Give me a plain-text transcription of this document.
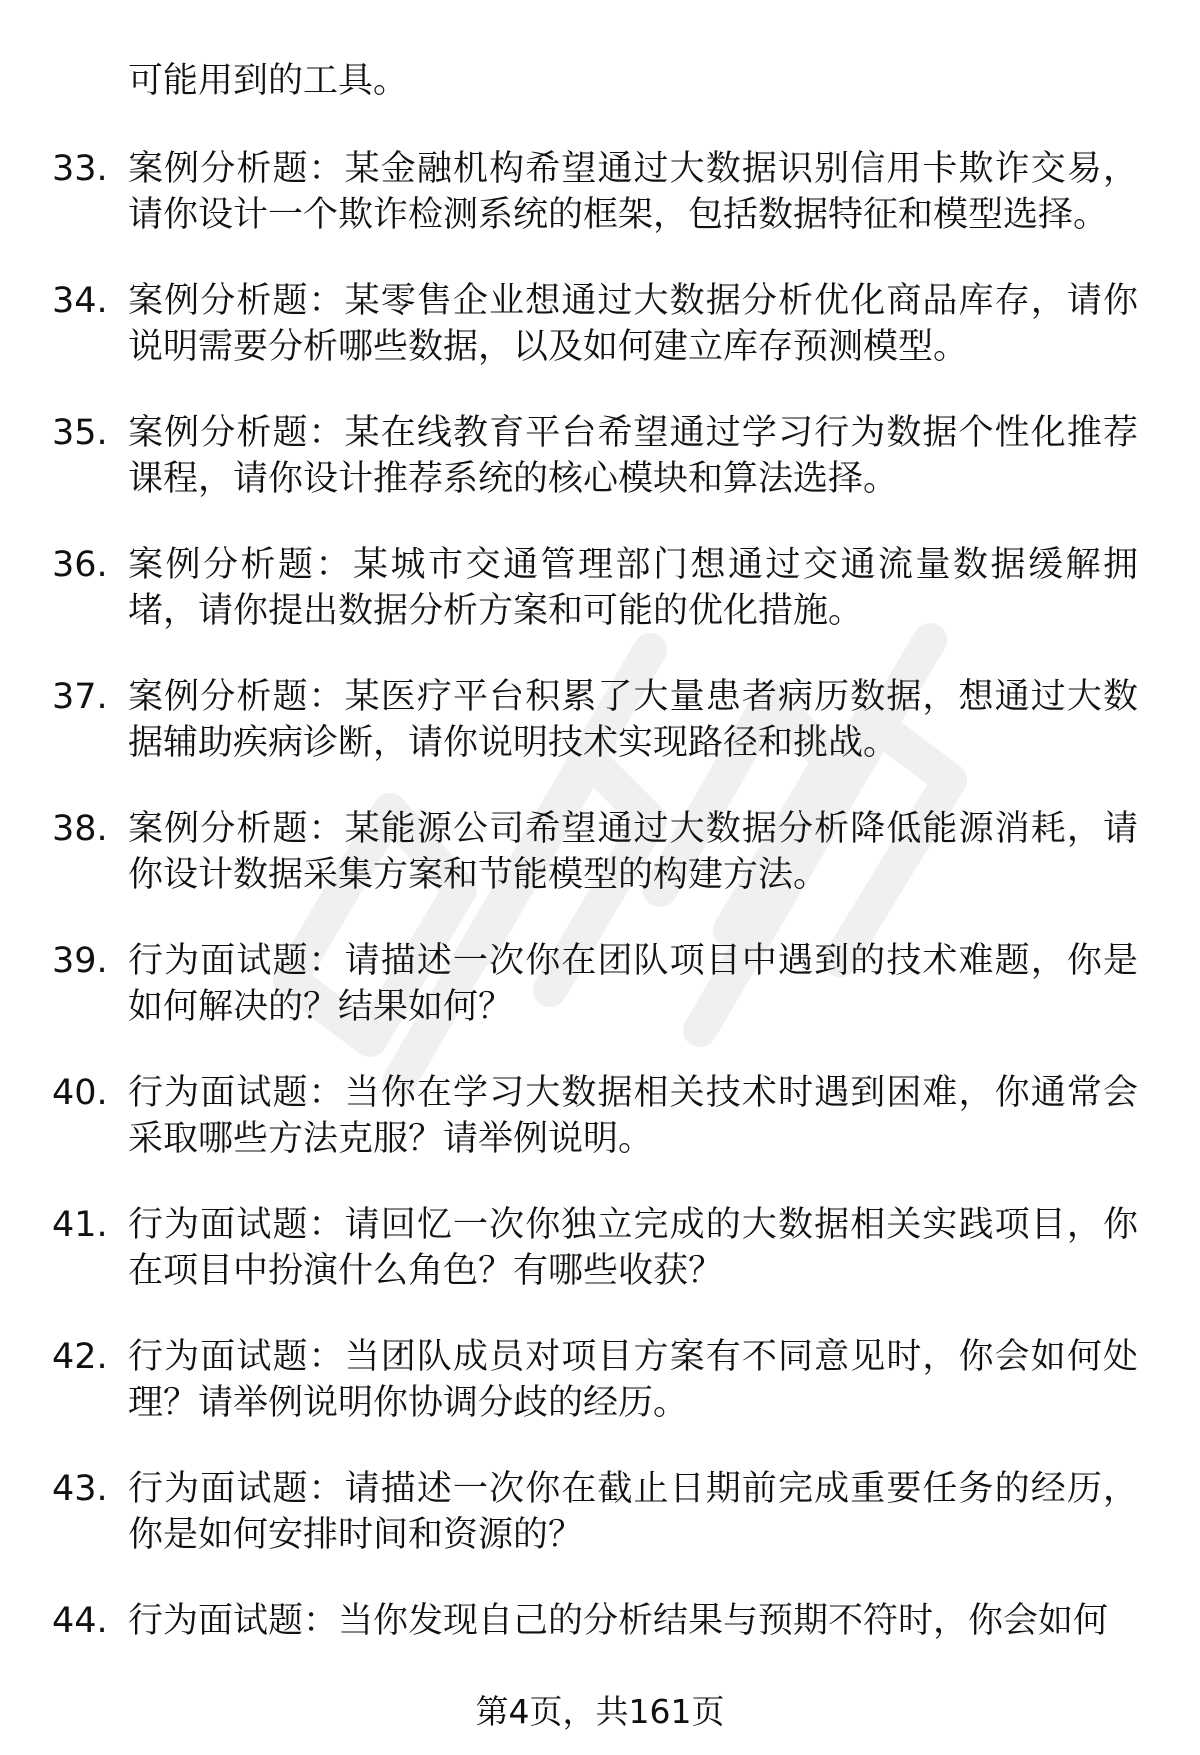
可能用到的工具。
33. 案例分析题：某金融机构希望通过大数据识别信用卡欺诈交易，请你设计一个欺诈检测系统的框架，包括数据特征和模型选择。
34. 案例分析题：某零售企业想通过大数据分析优化商品库存，请你说明需要分析哪些数据，以及如何建立库存预测模型。
35. 案例分析题：某在线教育平台希望通过学习行为数据个性化推荐课程，请你设计推荐系统的核心模块和算法选择。
36. 案例分析题：某城市交通管理部门想通过交通流量数据缓解拥堵，请你提出数据分析方案和可能的优化措施。
37. 案例分析题：某医疗平台积累了大量患者病历数据，想通过大数据辅助疾病诊断，请你说明技术实现路径和挑战。
38. 案例分析题：某能源公司希望通过大数据分析降低能源消耗，请你设计数据采集方案和节能模型的构建方法。
39. 行为面试题：请描述一次你在团队项目中遇到的技术难题，你是如何解决的？结果如何？
40. 行为面试题：当你在学习大数据相关技术时遇到困难，你通常会采取哪些方法克服？请举例说明。
41. 行为面试题：请回忆一次你独立完成的大数据相关实践项目，你在项目中扮演什么角色？有哪些收获？
42. 行为面试题：当团队成员对项目方案有不同意见时，你会如何处理？请举例说明你协调分歧的经历。
43. 行为面试题：请描述一次你在截止日期前完成重要任务的经历，你是如何安排时间和资源的？
44. 行为面试题：当你发现自己的分析结果与预期不符时，你会如何
第4页，共161页
